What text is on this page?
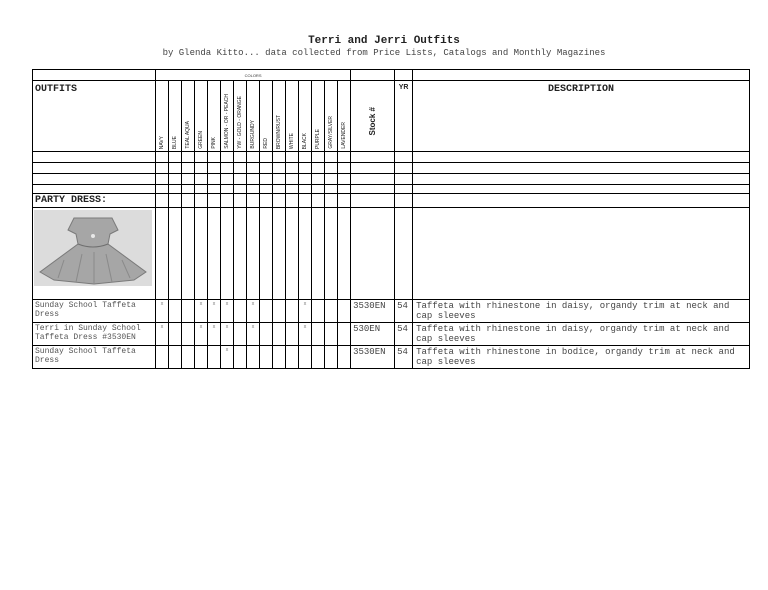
Terri and Jerri Outfits
by Glenda Kitto... data collected from Price Lists, Catalogs and Monthly Magazines
	COLORS																	
OUTFITS	NAVY	BLUE	TEAL AQUA	GREEN	PINK	SALMON - OR - PEACH	YW - GOLD - ORANGE	BURGUNDY	RED	BROWN/RUST	WHITE	BLACK	PURPLE	GRAY/SILVER	LAVENDER	Stock #	YR	DESCRIPTION

PARTY DRESS:																		

Sunday School Taffeta Dress	x			x	x	x		x				x				3530EN	54	Taffeta with rhinestone in daisy, organdy trim at neck and cap sleeves
Terri in Sunday School Taffeta Dress #3530EN	x			x	x	x		x				x				530EN	54	Taffeta with rhinestone in daisy, organdy trim at neck and cap sleeves
Sunday School Taffeta Dress						x										3530EN	54	Taffeta with rhinestone in bodice, organdy trim at neck and cap sleeves
